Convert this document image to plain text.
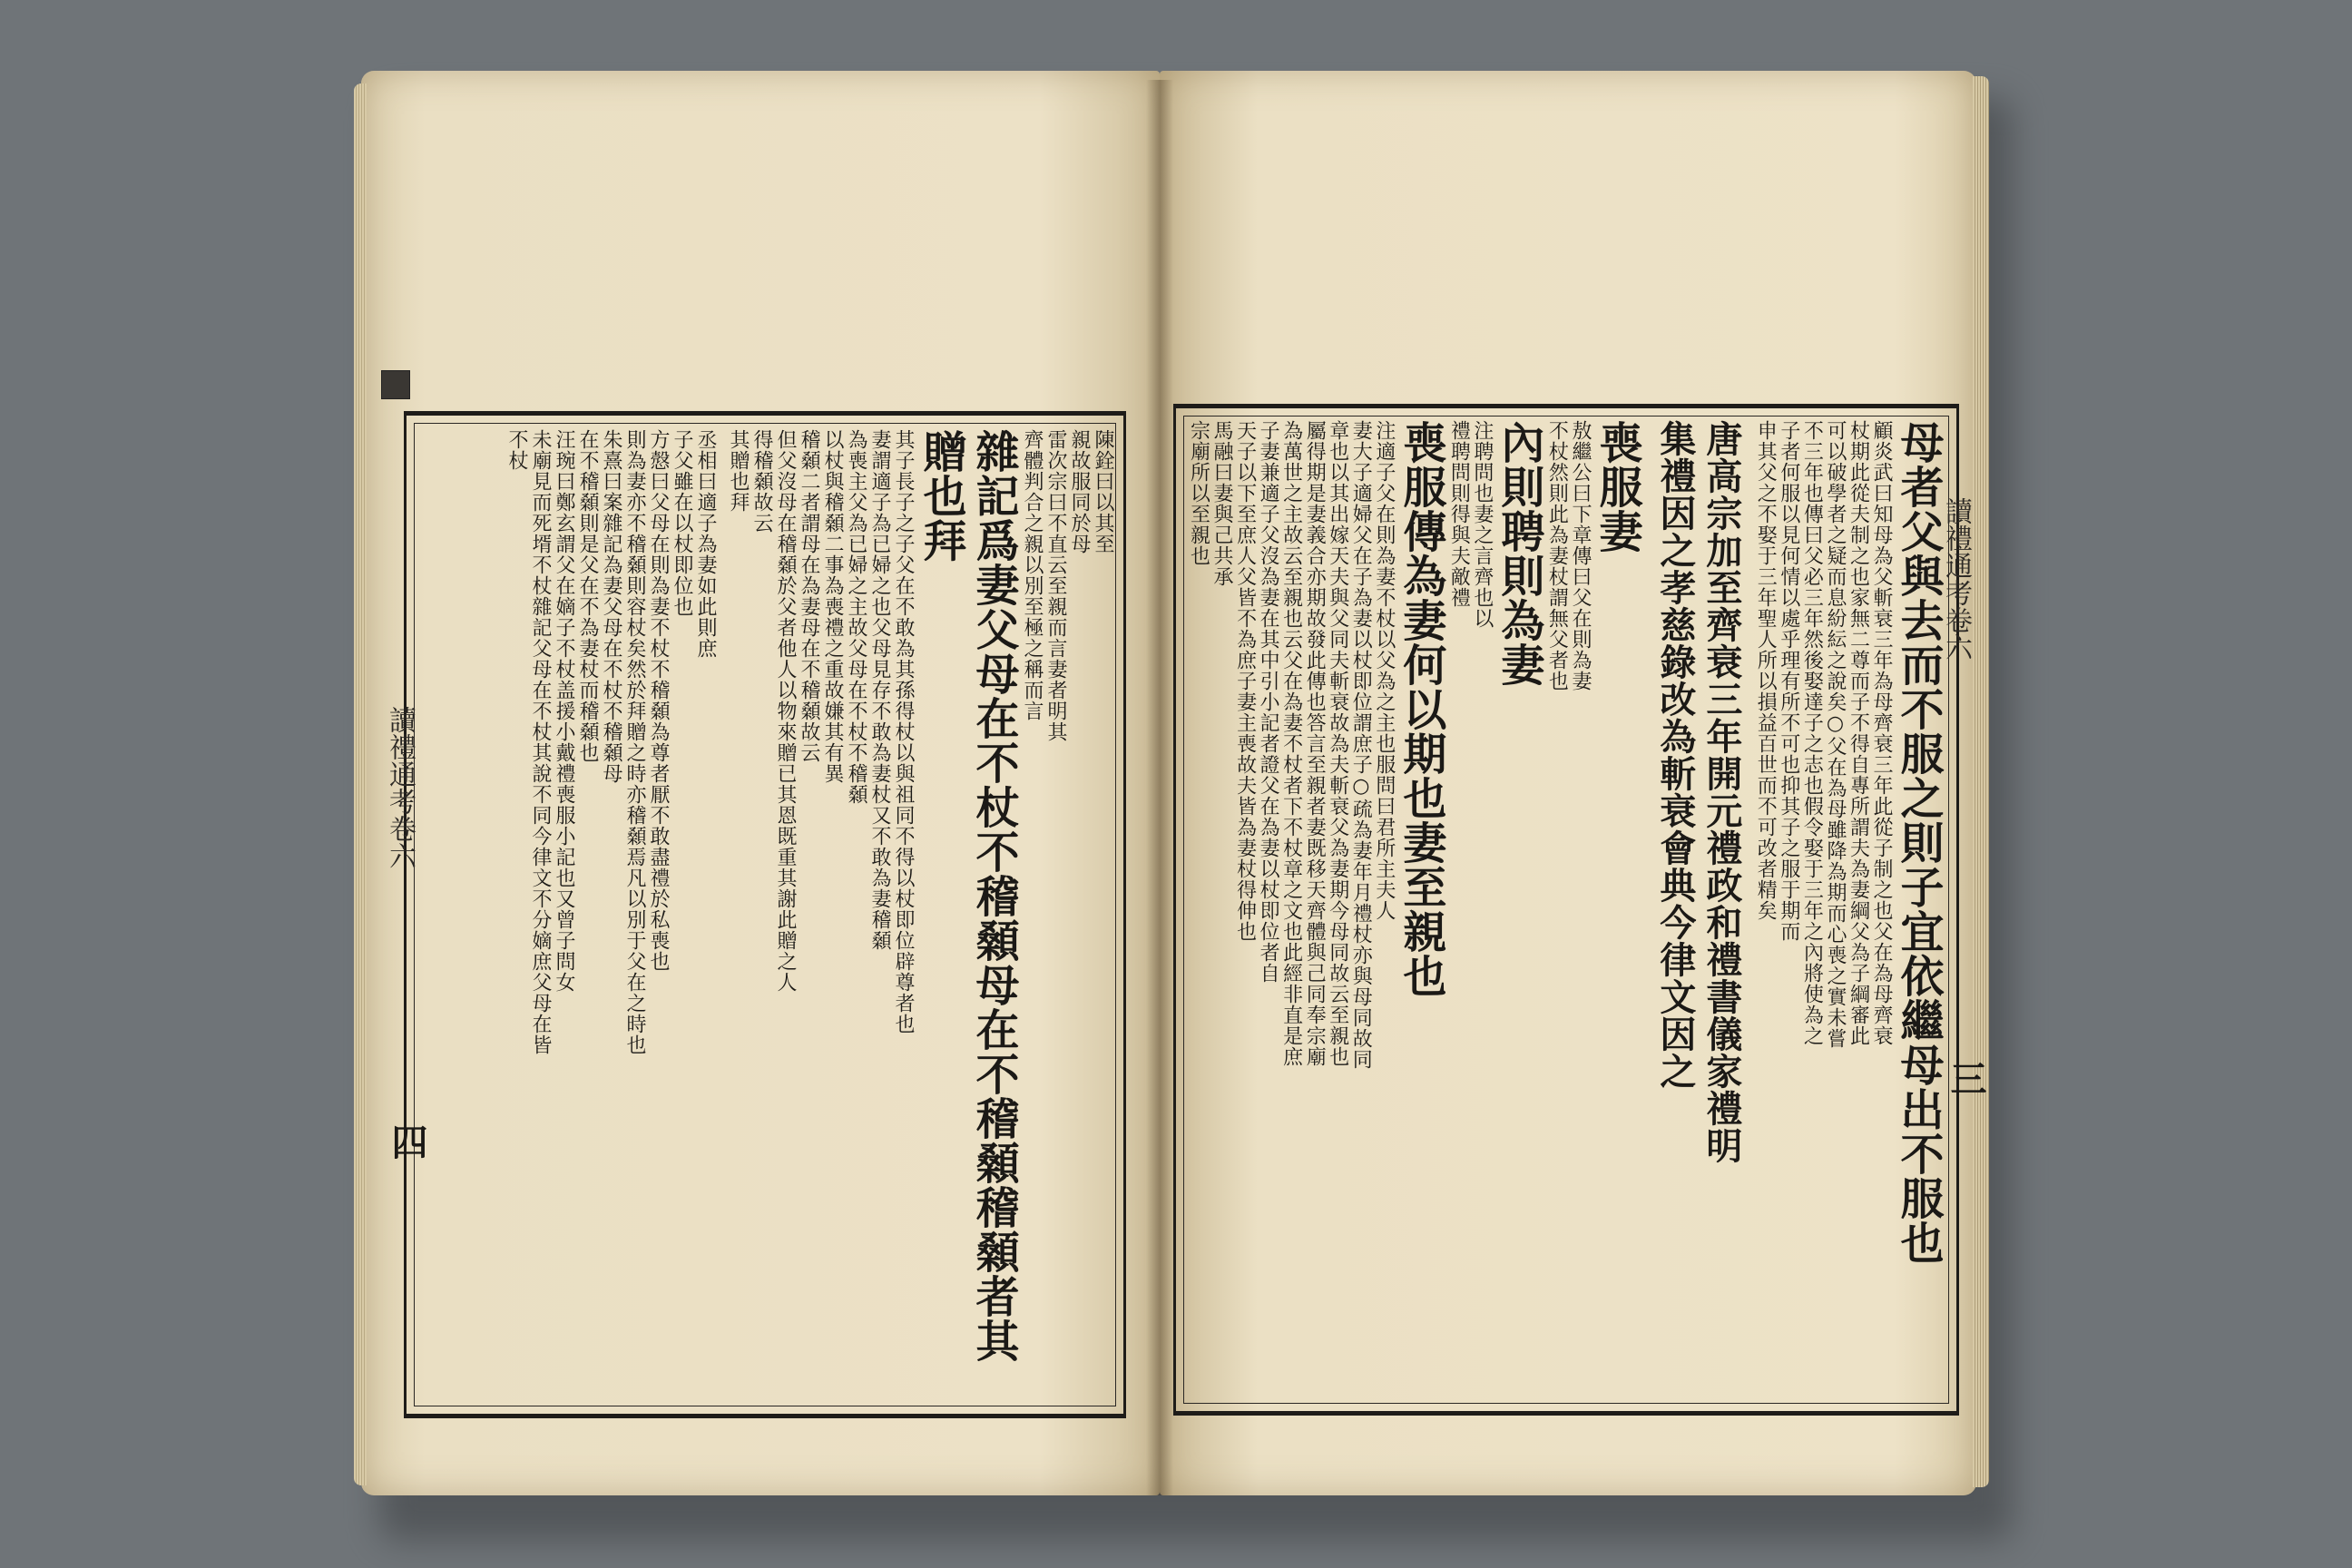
陳銓曰以其至
親故服同於母
雷次宗曰不直云至親而言妻者明其
齊體判合之親以別至極之稱而言
雜記爲妻父母在不杖不稽顙母在不稽顙稽顙者其
贈也拜
其子長子之子父在不敢為其孫得杖以與祖同不得以杖即位辟尊者也
妻謂適子為已婦之也父母見存不敢為妻杖又不敢為妻稽顙
為喪主父為已婦之主故父母在不杖不稽顙
以杖與稽顙二事為喪禮之重故嫌其有異
稽顙二者謂母在為妻母在不稽顙故云
但父沒母在稽顙於父者他人以物來贈已其恩既重其謝此贈之人
得稽顙故云
其贈也拜
丞相曰適子為妻如此則庶
子父雖在以杖即位也
方慤曰父母在則為妻不杖不稽顙為尊者厭不敢盡禮於私喪也
則為妻亦不稽顙則容杖矣然於拜贈之時亦稽顙焉凡以別于父在之時也
朱熹曰案雜記為妻父母在不杖不稽顙母
在不稽顙則是父在不為妻杖而稽顙也
汪琬曰鄭玄謂父在嫡子不杖盖援小戴禮喪服小記也又曾子問女
未廟見而死壻不杖雜記父母在不杖其說不同今律文不分嫡庶父母在皆
不杖
讀禮通考卷六
四	母者父與去而不服之則子宜依繼母出不服也
顧炎武曰知母為父斬衰三年為母齊衰三年此從子制之也父在為母齊衰
杖期此從夫制之也家無二尊而子不得自專所謂夫為妻綱父為子綱審此
可以破學者之疑而息紛紜之說矣○父在為母雖降為期而心喪之實未嘗
不三年也傳曰父必三年然後娶達子之志也假令娶于三年之內將使為之
子者何服以見何情以處乎理有所不可也抑其子之服于期而
申其父之不娶于三年聖人所以損益百世而不可改者精矣
唐高宗加至齊衰三年開元禮政和禮書儀家禮明
集禮因之孝慈錄改為斬衰會典今律文因之
喪服妻
敖繼公曰下章傳曰父在則為妻
不杖然則此為妻杖謂無父者也
內則聘則為妻
注聘問也妻之言齊也以
禮聘問則得與夫敵禮
喪服傳為妻何以期也妻至親也
注適子父在則為妻不杖以父為之主也服問曰君所主夫人
妻大子適婦父在子為妻以杖即位謂庶子○疏為妻年月禮杖亦與母同故同
章也以其出嫁天夫與父同夫斬衰故為夫斬衰父為妻期今母同故云至親也
屬得期是妻義合亦期故發此傳也答言至親者妻既移天齊體與己同奉宗廟
為萬世之主故云至親也云父在為妻不杖者下不杖章之文也此經非直是庶
子妻兼適子父沒為妻在其中引小記者證父在為妻以杖即位者自
天子以下至庶人父皆不為庶子妻主喪故夫皆為妻杖得伸也
馬融曰妻與己共承
宗廟所以至親也
讀禮通考卷六
三
